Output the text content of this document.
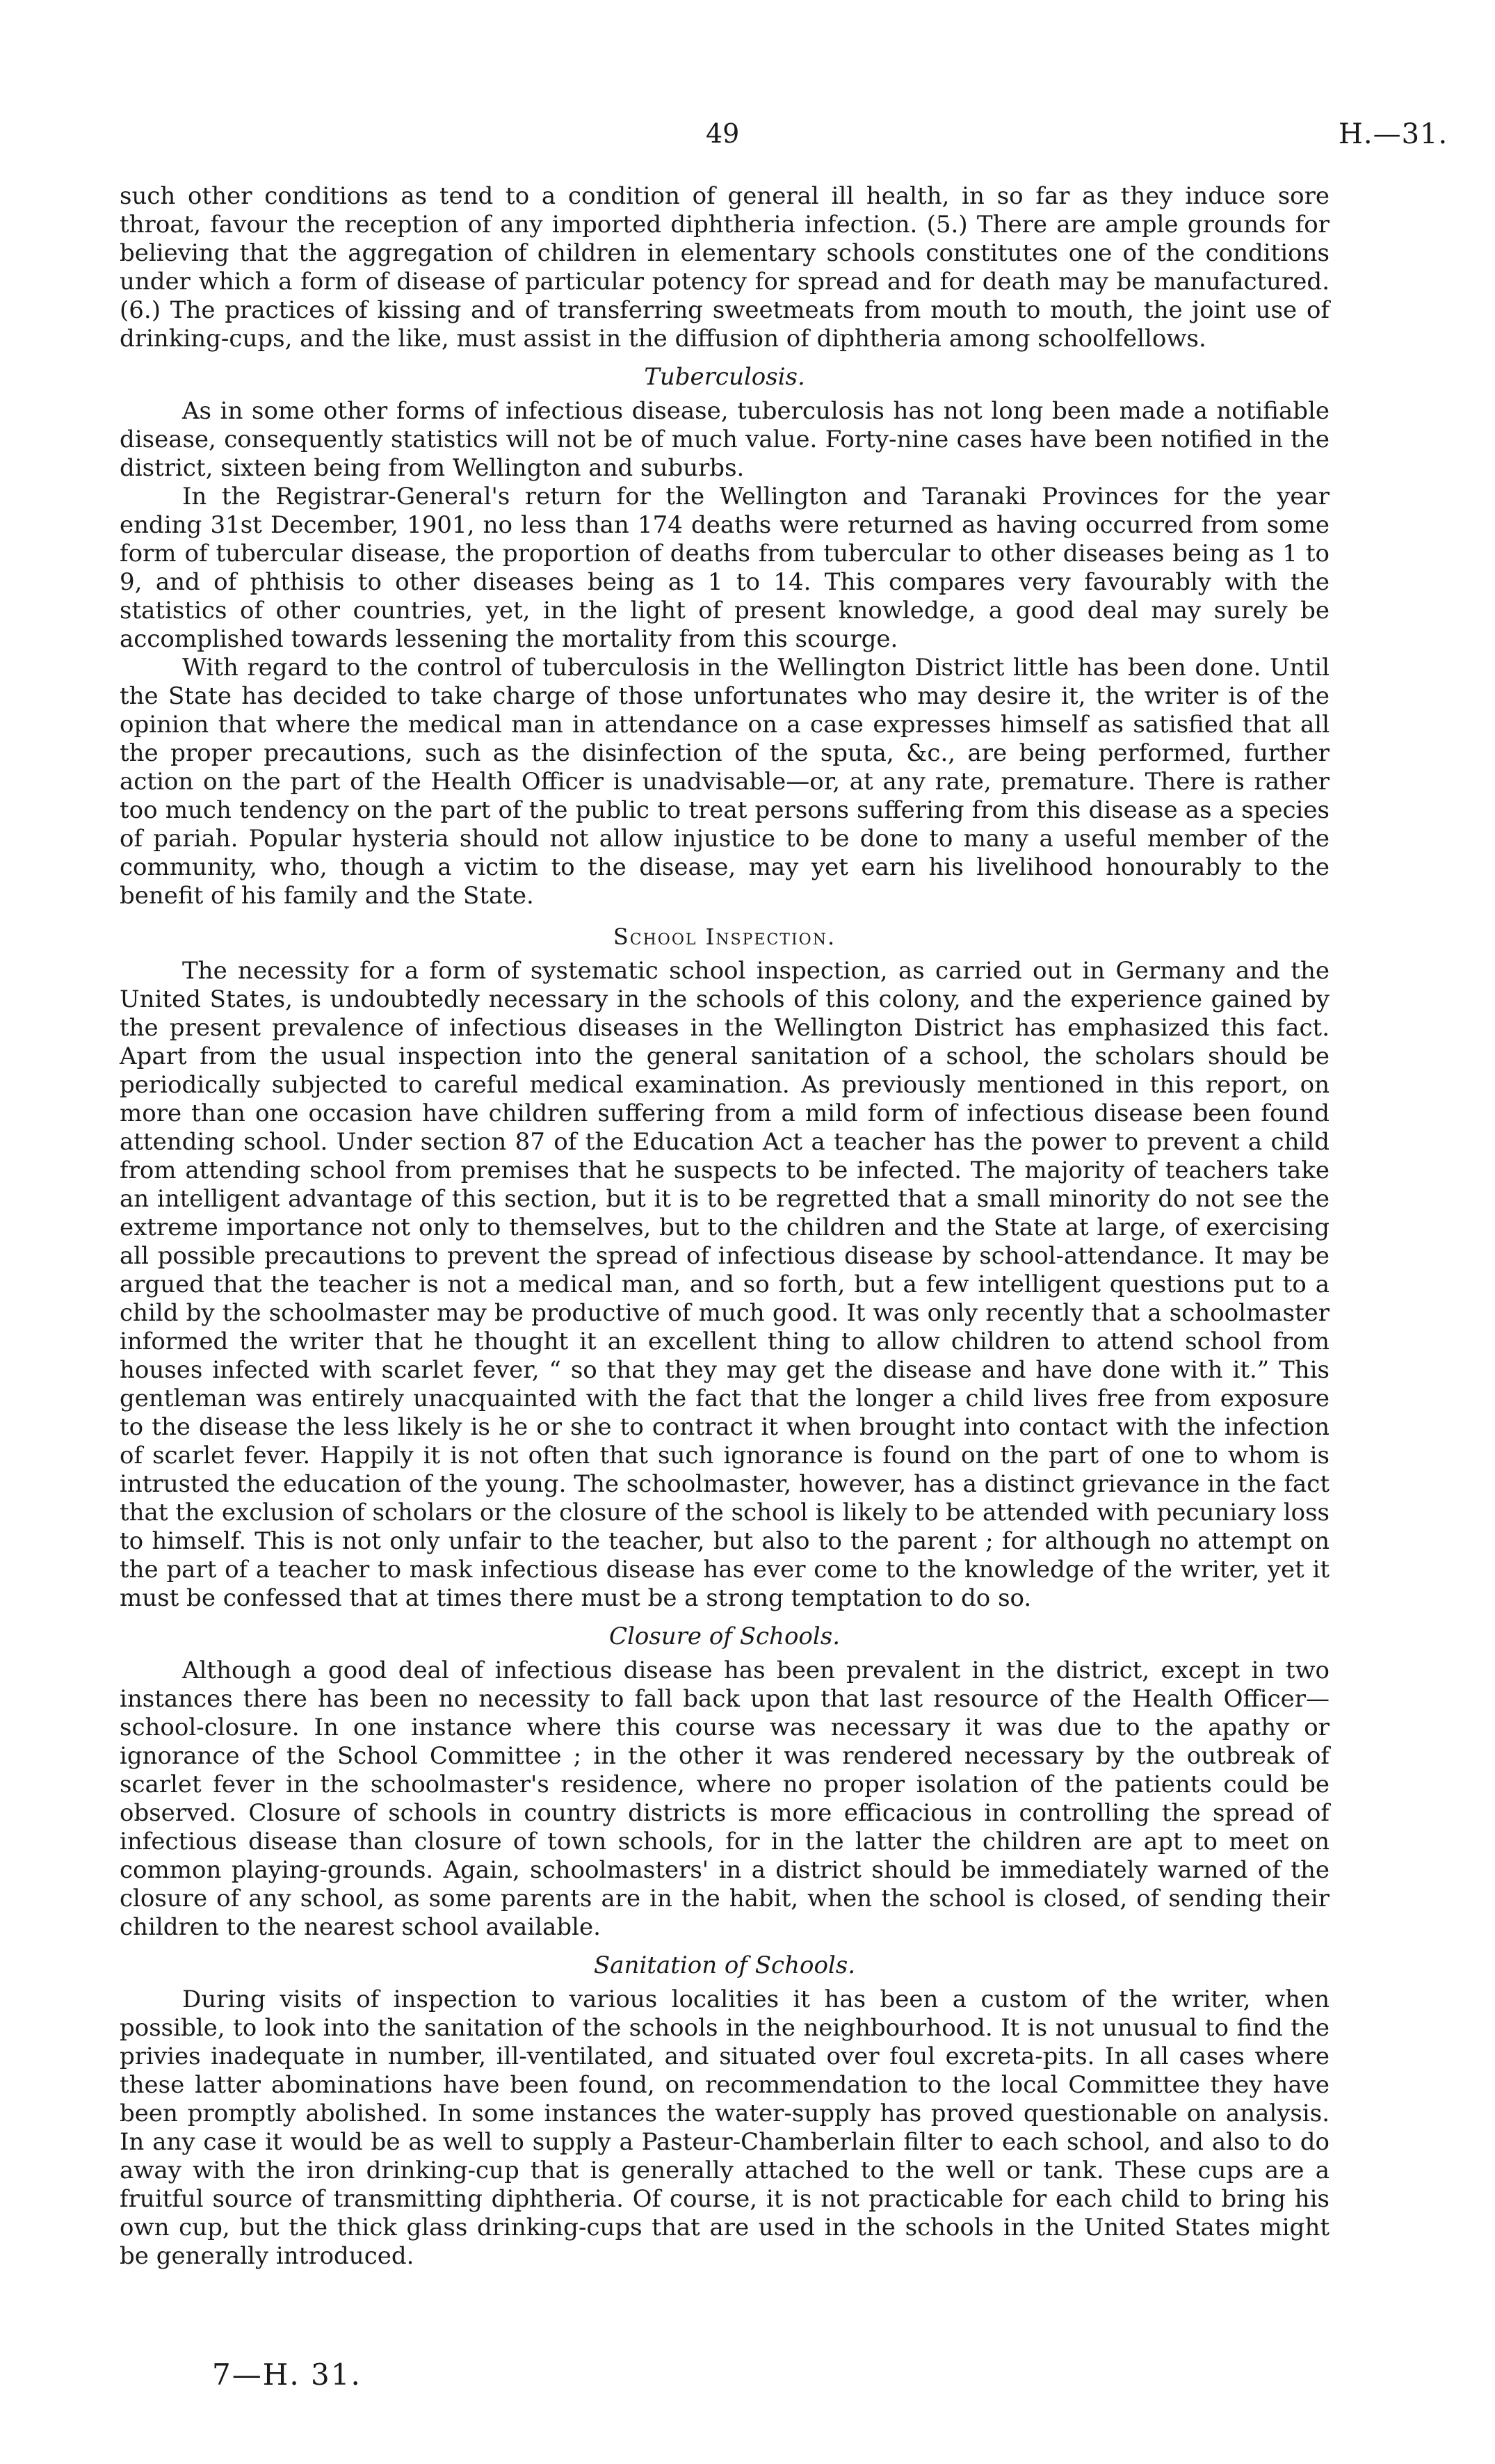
49	H.—31.

such other conditions as tend to a condition of general ill health, in so far as they induce sore throat, favour the reception of any imported diphtheria infection. (5.) There are ample grounds for believing that the aggregation of children in elementary schools constitutes one of the conditions under which a form of disease of particular potency for spread and for death may be manufactured. (6.) The practices of kissing and of transferring sweetmeats from mouth to mouth, the joint use of drinking-cups, and the like, must assist in the diffusion of diphtheria among schoolfellows.

Tuberculosis.

As in some other forms of infectious disease, tuberculosis has not long been made a notifiable disease, consequently statistics will not be of much value. Forty-nine cases have been notified in the district, sixteen being from Wellington and suburbs.

In the Registrar-General's return for the Wellington and Taranaki Provinces for the year ending 31st December, 1901, no less than 174 deaths were returned as having occurred from some form of tubercular disease, the proportion of deaths from tubercular to other diseases being as 1 to 9, and of phthisis to other diseases being as 1 to 14. This compares very favourably with the statistics of other countries, yet, in the light of present knowledge, a good deal may surely be accomplished towards lessening the mortality from this scourge.

With regard to the control of tuberculosis in the Wellington District little has been done. Until the State has decided to take charge of those unfortunates who may desire it, the writer is of the opinion that where the medical man in attendance on a case expresses himself as satisfied that all the proper precautions, such as the disinfection of the sputa, &c., are being performed, further action on the part of the Health Officer is unadvisable—or, at any rate, premature. There is rather too much tendency on the part of the public to treat persons suffering from this disease as a species of pariah. Popular hysteria should not allow injustice to be done to many a useful member of the community, who, though a victim to the disease, may yet earn his livelihood honourably to the benefit of his family and the State.

School Inspection.

The necessity for a form of systematic school inspection, as carried out in Germany and the United States, is undoubtedly necessary in the schools of this colony, and the experience gained by the present prevalence of infectious diseases in the Wellington District has emphasized this fact. Apart from the usual inspection into the general sanitation of a school, the scholars should be periodically subjected to careful medical examination. As previously mentioned in this report, on more than one occasion have children suffering from a mild form of infectious disease been found attending school. Under section 87 of the Education Act a teacher has the power to prevent a child from attending school from premises that he suspects to be infected. The majority of teachers take an intelligent advantage of this section, but it is to be regretted that a small minority do not see the extreme importance not only to themselves, but to the children and the State at large, of exercising all possible precautions to prevent the spread of infectious disease by school-attendance. It may be argued that the teacher is not a medical man, and so forth, but a few intelligent questions put to a child by the schoolmaster may be productive of much good. It was only recently that a schoolmaster informed the writer that he thought it an excellent thing to allow children to attend school from houses infected with scarlet fever, “ so that they may get the disease and have done with it.” This gentleman was entirely unacquainted with the fact that the longer a child lives free from exposure to the disease the less likely is he or she to contract it when brought into contact with the infection of scarlet fever. Happily it is not often that such ignorance is found on the part of one to whom is intrusted the education of the young. The schoolmaster, however, has a distinct grievance in the fact that the exclusion of scholars or the closure of the school is likely to be attended with pecuniary loss to himself. This is not only unfair to the teacher, but also to the parent ; for although no attempt on the part of a teacher to mask infectious disease has ever come to the knowledge of the writer, yet it must be confessed that at times there must be a strong temptation to do so.

Closure of Schools.

Although a good deal of infectious disease has been prevalent in the district, except in two instances there has been no necessity to fall back upon that last resource of the Health Officer—school-closure. In one instance where this course was necessary it was due to the apathy or ignorance of the School Committee ; in the other it was rendered necessary by the outbreak of scarlet fever in the schoolmaster's residence, where no proper isolation of the patients could be observed. Closure of schools in country districts is more efficacious in controlling the spread of infectious disease than closure of town schools, for in the latter the children are apt to meet on common playing-grounds. Again, schoolmasters' in a district should be immediately warned of the closure of any school, as some parents are in the habit, when the school is closed, of sending their children to the nearest school available.

Sanitation of Schools.

During visits of inspection to various localities it has been a custom of the writer, when possible, to look into the sanitation of the schools in the neighbourhood. It is not unusual to find the privies inadequate in number, ill-ventilated, and situated over foul excreta-pits. In all cases where these latter abominations have been found, on recommendation to the local Committee they have been promptly abolished. In some instances the water-supply has proved questionable on analysis. In any case it would be as well to supply a Pasteur-Chamberlain filter to each school, and also to do away with the iron drinking-cup that is generally attached to the well or tank. These cups are a fruitful source of transmitting diphtheria. Of course, it is not practicable for each child to bring his own cup, but the thick glass drinking-cups that are used in the schools in the United States might be generally introduced.

7—H. 31.
